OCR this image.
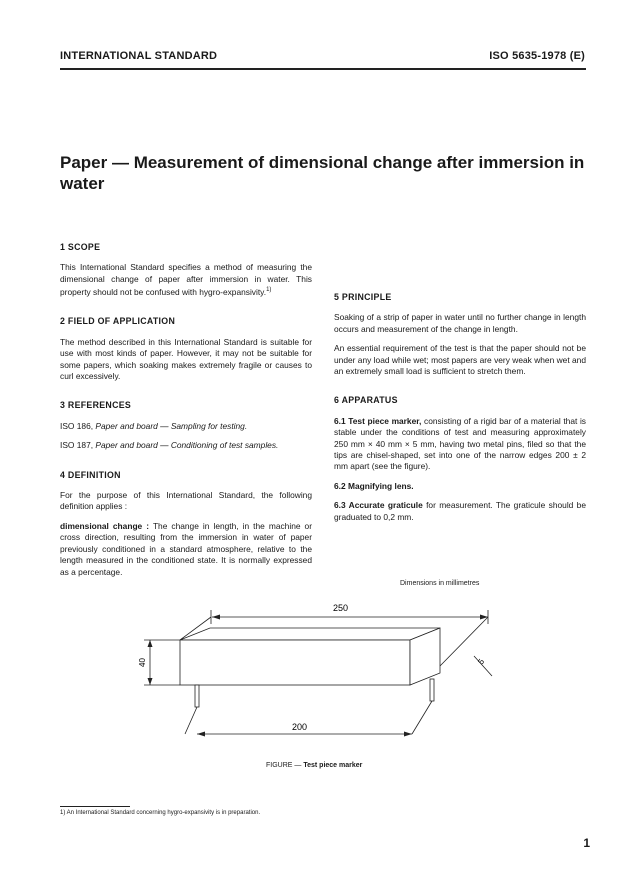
INTERNATIONAL STANDARD	ISO 5635-1978 (E)
Paper — Measurement of dimensional change after immersion in water
1 SCOPE

This International Standard specifies a method of measuring the dimensional change of paper after immersion in water. This property should not be confused with hygro-expansivity.$^{1)}$

2 FIELD OF APPLICATION

The method described in this International Standard is suitable for use with most kinds of paper. However, it may not be suitable for some papers, which soaking makes extremely fragile or causes to curl excessively.

3 REFERENCES

ISO 186, Paper and board — Sampling for testing.

ISO 187, Paper and board — Conditioning of test samples.

4 DEFINITION

For the purpose of this International Standard, the following definition applies :

dimensional change : The change in length, in the machine or cross direction, resulting from the immersion in water of paper previously conditioned in a standard atmosphere, relative to the length measured in the conditioned state. It is normally expressed as a percentage.

5 PRINCIPLE

Soaking of a strip of paper in water until no further change in length occurs and measurement of the change in length.

An essential requirement of the test is that the paper should not be under any load while wet; most papers are very weak when wet and an extremely small load is sufficient to stretch them.

6 APPARATUS

6.1 Test piece marker, consisting of a rigid bar of a material that is stable under the conditions of test and measuring approximately 250 mm × 40 mm × 5 mm, having two metal pins, filed so that the tips are chisel-shaped, set into one of the narrow edges 200 ± 2 mm apart (see the figure).

6.2 Magnifying lens.

6.3 Accurate graticule for measurement. The graticule should be graduated to 0,2 mm.

Dimensions in millimetres
250
200
40	5
FIGURE — Test piece marker
1) An International Standard concerning hygro-expansivity is in preparation.
1
